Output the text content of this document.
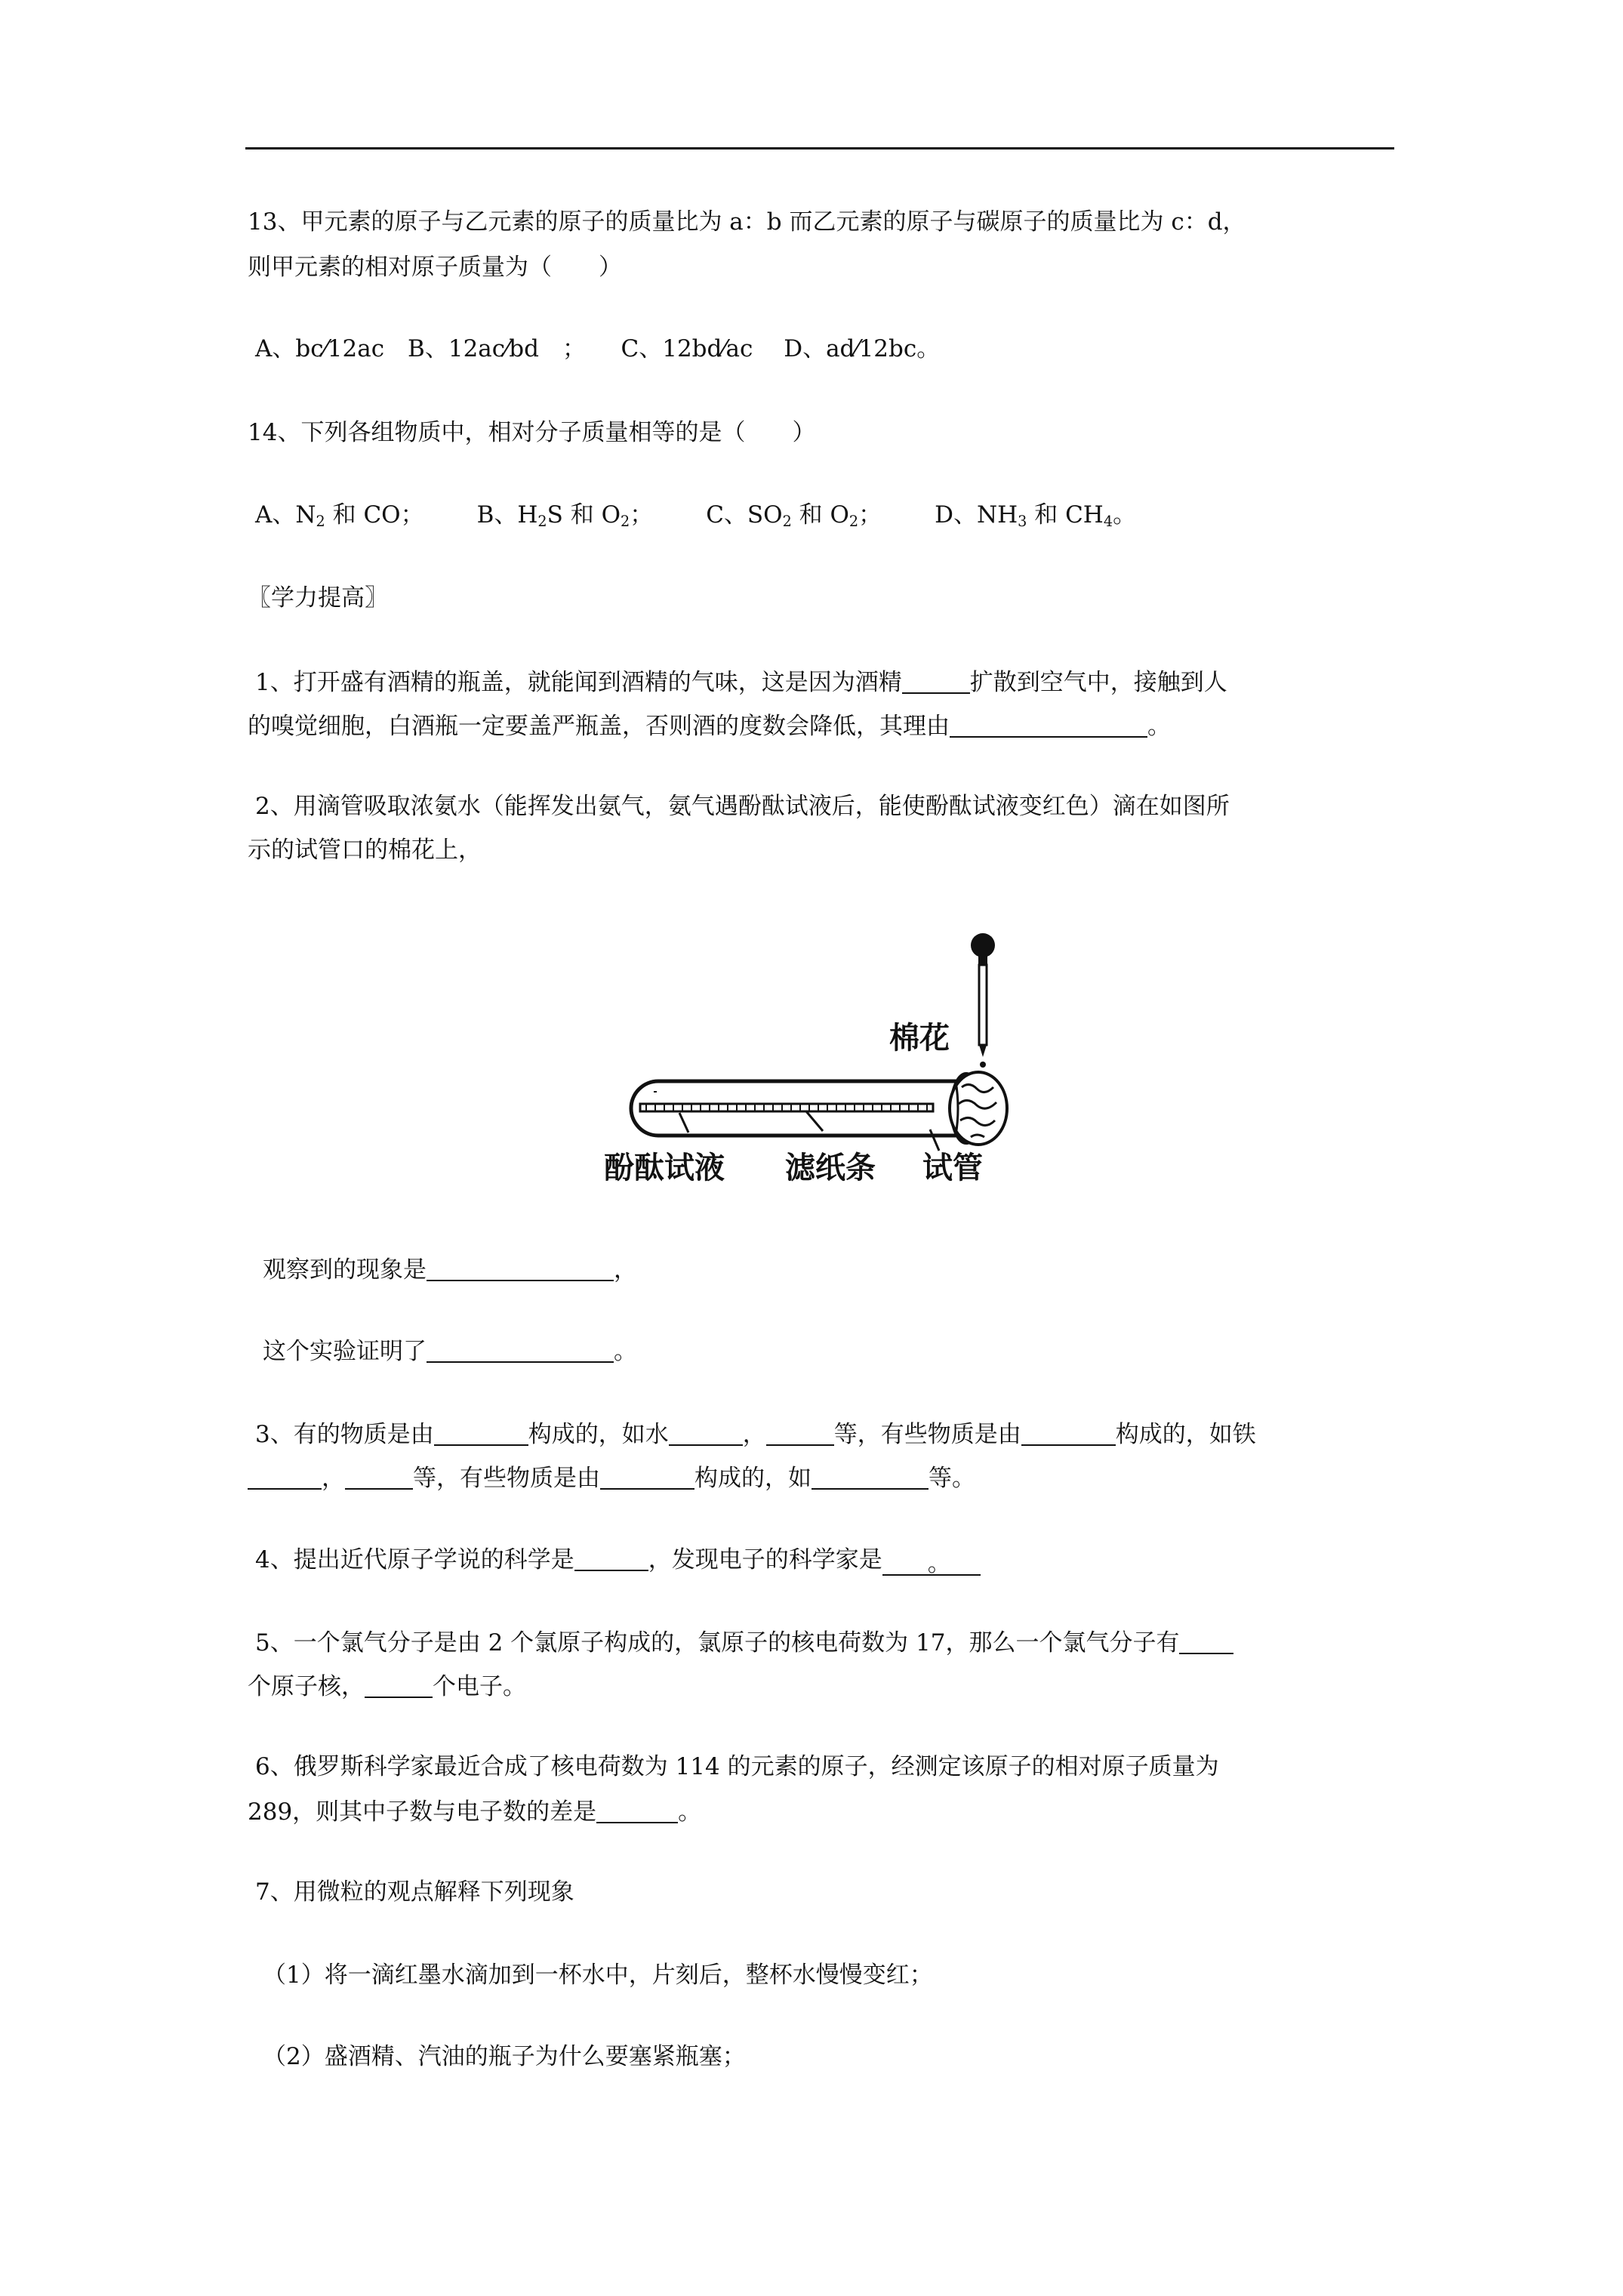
13、甲元素的原子与乙元素的原子的质量比为 a：b 而乙元素的原子与碳原子的质量比为 c：d，
则甲元素的相对原子质量为（　　）
A、bc⁄12ac　B、12ac⁄bd　；　　C、12bd⁄ac　 D、ad⁄12bc。
14、下列各组物质中，相对分子质量相等的是（　　）
A、$N_2$ 和 CO； B、$H_2S$ 和 $O_2$； C、$SO_2$ 和 $O_2$； D、$NH_3$ 和 $CH_4$。
〖学力提高〗
1、打开盛有酒精的瓶盖，就能闻到酒精的气味，这是因为酒精	扩散到空气中，接触到人
的嗅觉细胞，白酒瓶一定要盖严瓶盖，否则酒的度数会降低，其理由	。
2、用滴管吸取浓氨水（能挥发出氨气，氨气遇酚酞试液后，能使酚酞试液变红色）滴在如图所
示的试管口的棉花上，
棉花
酚酞试液 滤纸条 试管
观察到的现象是	，
这个实验证明了	。
3、有的物质是由	构成的，如水	，	等，有些物质是由	构成的，如铁
，	等，有些物质是由	构成的，如	等。
4、提出近代原子学说的科学是	，发现电子的科学家是 。
5、一个氯气分子是由 2 个氯原子构成的，氯原子的核电荷数为 17，那么一个氯气分子有
个原子核，	个电子。
6、俄罗斯科学家最近合成了核电荷数为 114 的元素的原子，经测定该原子的相对原子质量为
289，则其中子数与电子数的差是	。
7、用微粒的观点解释下列现象
（1）将一滴红墨水滴加到一杯水中，片刻后，整杯水慢慢变红；
（2）盛酒精、汽油的瓶子为什么要塞紧瓶塞；
